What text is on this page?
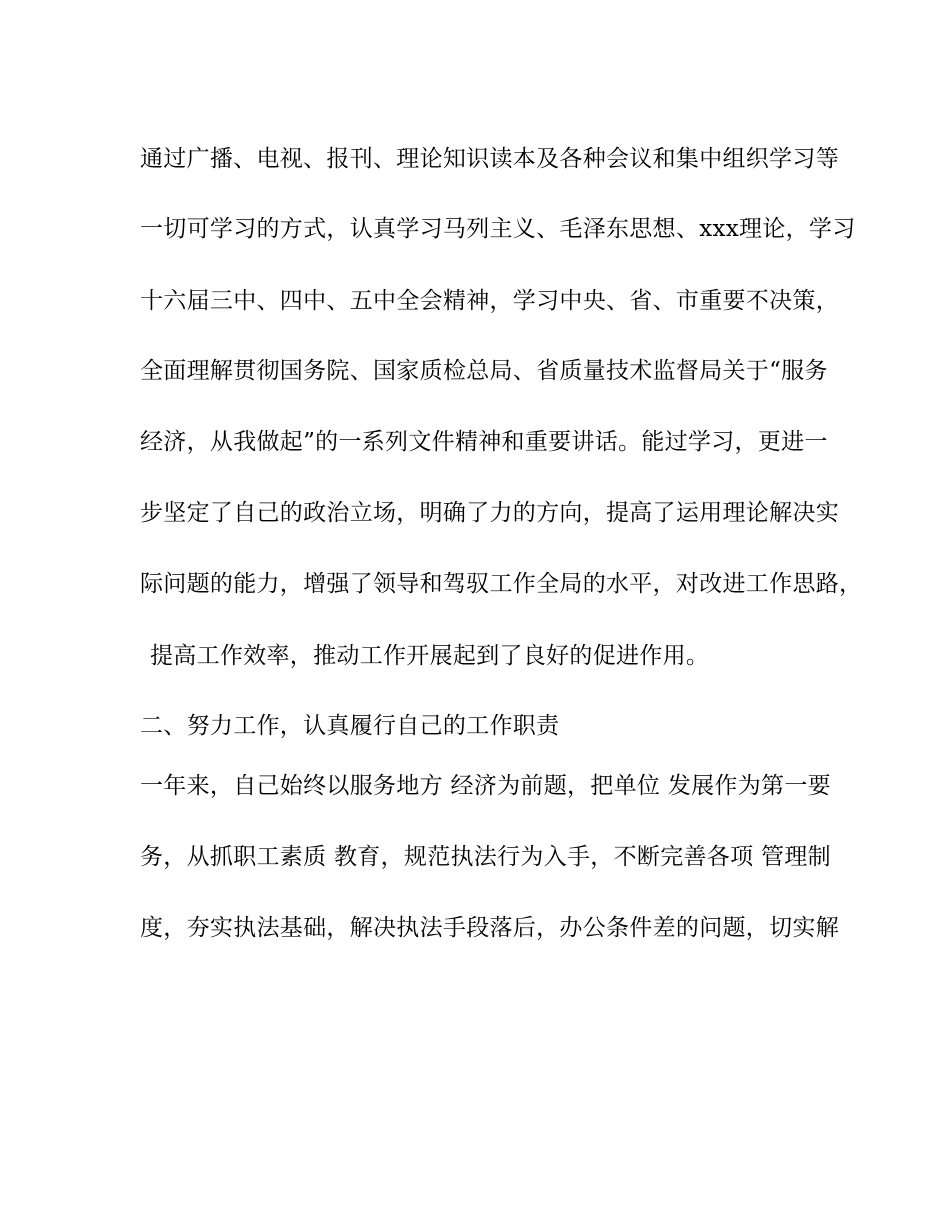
通过广播、电视、报刊、理论知识读本及各种会议和集中组织学习等
一切可学习的方式，认真学习马列主义、毛泽东思想、xxx理论，学习
十六届三中、四中、五中全会精神，学习中央、省、市重要不决策，
全面理解贯彻国务院、国家质检总局、省质量技术监督局关于“服务
经济，从我做起”的一系列文件精神和重要讲话。能过学习，更进一
步坚定了自己的政治立场，明确了力的方向，提高了运用理论解决实
际问题的能力，增强了领导和驾驭工作全局的水平，对改进工作思路，
提高工作效率，推动工作开展起到了良好的促进作用。
二、努力工作，认真履行自己的工作职责
一年来，自己始终以服务地方 经济为前题，把单位 发展作为第一要
务，从抓职工素质 教育，规范执法行为入手，不断完善各项 管理制
度，夯实执法基础，解决执法手段落后，办公条件差的问题，切实解
